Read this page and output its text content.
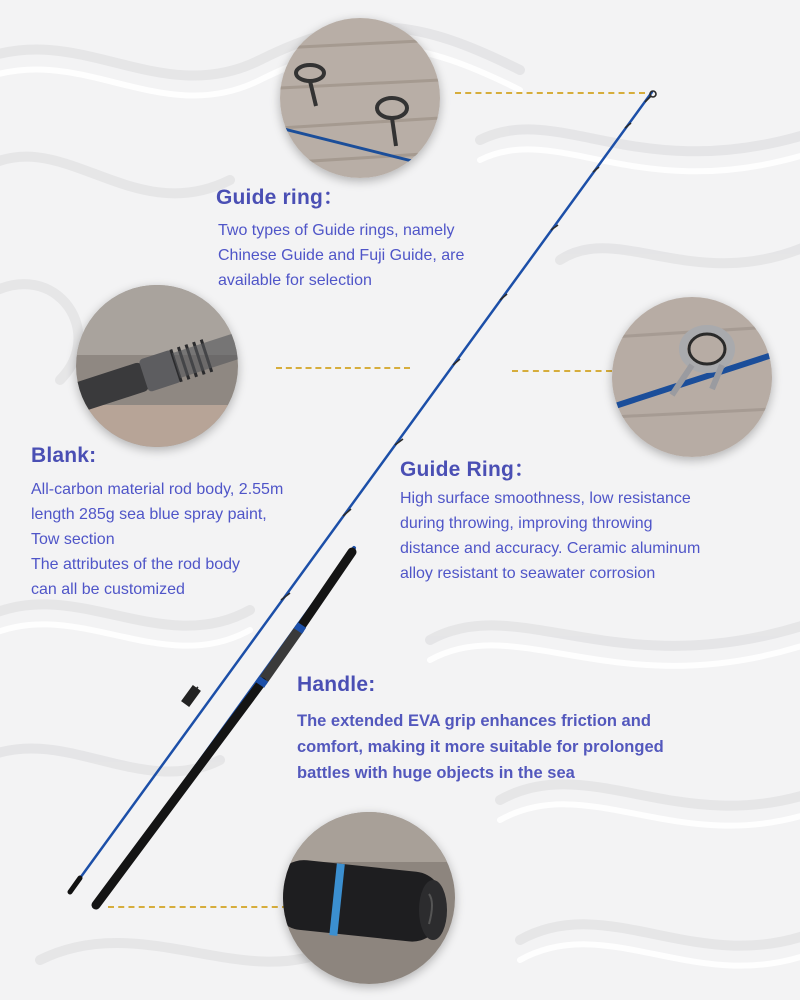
Guide ring：
Two types of Guide rings, namely
Chinese Guide and Fuji Guide, are
available for selection
Blank:
All-carbon material rod body, 2.55m
length 285g sea blue spray paint,
Tow section
The attributes of the rod body
can all be customized
Guide Ring：
High surface smoothness, low resistance
during throwing, improving throwing
distance and accuracy. Ceramic aluminum
alloy resistant to seawater corrosion
Handle:
The extended EVA grip enhances friction and
comfort, making it more suitable for prolonged
battles with huge objects in the sea
